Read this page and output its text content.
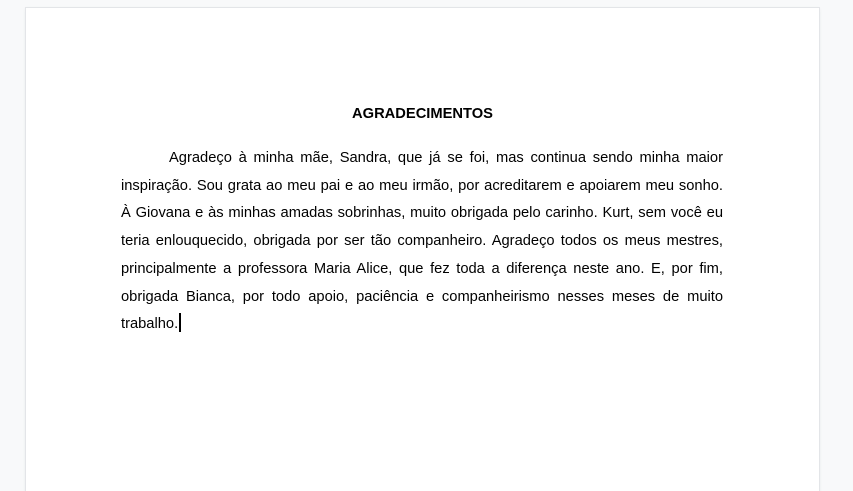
AGRADECIMENTOS

Agradeço à minha mãe, Sandra, que já se foi, mas continua sendo minha maior inspiração. Sou grata ao meu pai e ao meu irmão, por acreditarem e apoiarem meu sonho. À Giovana e às minhas amadas sobrinhas, muito obrigada pelo carinho. Kurt, sem você eu teria enlouquecido, obrigada por ser tão companheiro. Agradeço todos os meus mestres, principalmente a professora Maria Alice, que fez toda a diferença neste ano. E, por fim, obrigada Bianca, por todo apoio, paciência e companheirismo nesses meses de muito trabalho.
